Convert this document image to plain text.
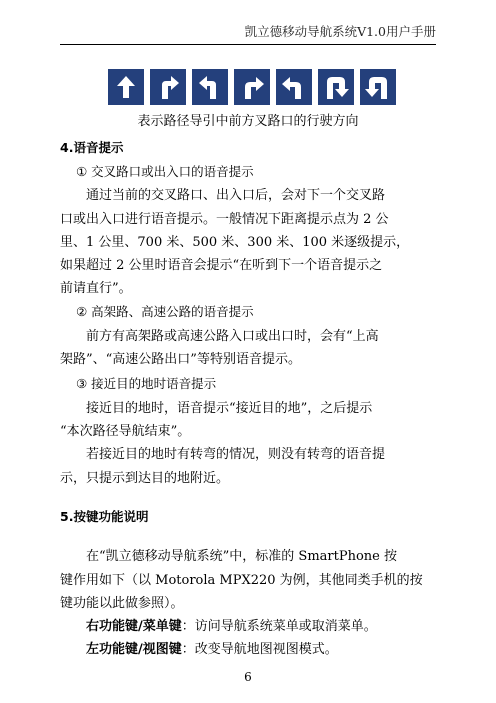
凯立德移动导航系统V1.0用户手册
表示路径导引中前方叉路口的行驶方向
4.语音提示
① 交叉路口或出入口的语音提示
通过当前的交叉路口、出入口后，会对下一个交叉路
口或出入口进行语音提示。一般情况下距离提示点为 2 公
里、1 公里、700 米、500 米、300 米、100 米逐级提示，
如果超过 2 公里时语音会提示“在听到下一个语音提示之
前请直行”。
② 高架路、高速公路的语音提示
前方有高架路或高速公路入口或出口时，会有“上高
架路”、“高速公路出口”等特别语音提示。
③ 接近目的地时语音提示
接近目的地时，语音提示“接近目的地”，之后提示
“本次路径导航结束”。
若接近目的地时有转弯的情况，则没有转弯的语音提
示，只提示到达目的地附近。
5.按键功能说明
在“凯立德移动导航系统”中，标准的 SmartPhone 按
键作用如下（以 Motorola MPX220 为例，其他同类手机的按
键功能以此做参照）。
右功能键/菜单键：访问导航系统菜单或取消菜单。
左功能键/视图键：改变导航地图视图模式。
6
